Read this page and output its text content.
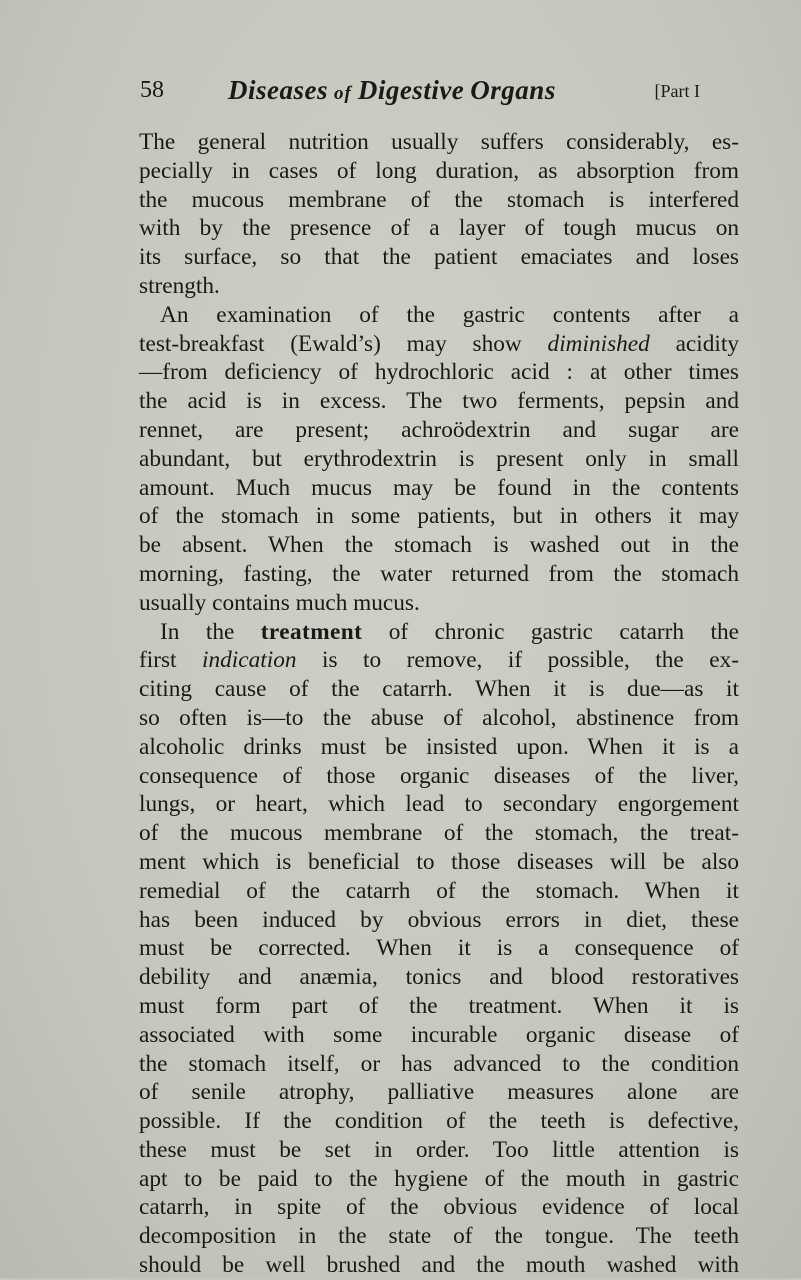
58 Diseases of Digestive Organs	[Part I
The general nutrition usually suffers considerably, es-
pecially in cases of long duration, as absorption from
the mucous membrane of the stomach is interfered
with by the presence of a layer of tough mucus on
its surface, so that the patient emaciates and loses
strength.
An examination of the gastric contents after a
test-breakfast (Ewald’s) may show diminished acidity
—from deficiency of hydrochloric acid : at other times
the acid is in excess. The two ferments, pepsin and
rennet, are present; achroödextrin and sugar are
abundant, but erythrodextrin is present only in small
amount. Much mucus may be found in the contents
of the stomach in some patients, but in others it may
be absent. When the stomach is washed out in the
morning, fasting, the water returned from the stomach
usually contains much mucus.
In the treatment of chronic gastric catarrh the
first indication is to remove, if possible, the ex-
citing cause of the catarrh. When it is due—as it
so often is—to the abuse of alcohol, abstinence from
alcoholic drinks must be insisted upon. When it is a
consequence of those organic diseases of the liver,
lungs, or heart, which lead to secondary engorgement
of the mucous membrane of the stomach, the treat-
ment which is beneficial to those diseases will be also
remedial of the catarrh of the stomach. When it
has been induced by obvious errors in diet, these
must be corrected. When it is a consequence of
debility and anæmia, tonics and blood restoratives
must form part of the treatment. When it is
associated with some incurable organic disease of
the stomach itself, or has advanced to the condition
of senile atrophy, palliative measures alone are
possible. If the condition of the teeth is defective,
these must be set in order. Too little attention is
apt to be paid to the hygiene of the mouth in gastric
catarrh, in spite of the obvious evidence of local
decomposition in the state of the tongue. The teeth
should be well brushed and the mouth washed with
